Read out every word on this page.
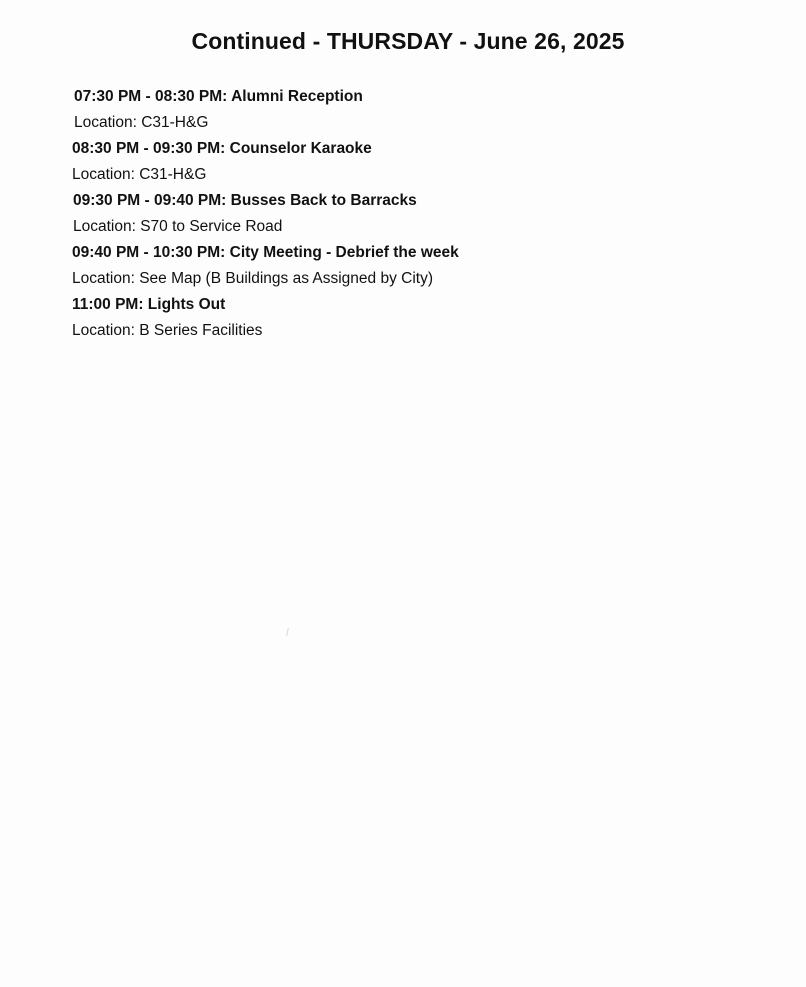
Continued - THURSDAY - June 26, 2025
07:30 PM - 08:30 PM: Alumni Reception
Location: C31-H&G
08:30 PM - 09:30 PM: Counselor Karaoke
Location: C31-H&G
09:30 PM - 09:40 PM: Busses Back to Barracks
Location: S70 to Service Road
09:40 PM - 10:30 PM: City Meeting - Debrief the week
Location: See Map (B Buildings as Assigned by City)
11:00 PM: Lights Out
Location: B Series Facilities
